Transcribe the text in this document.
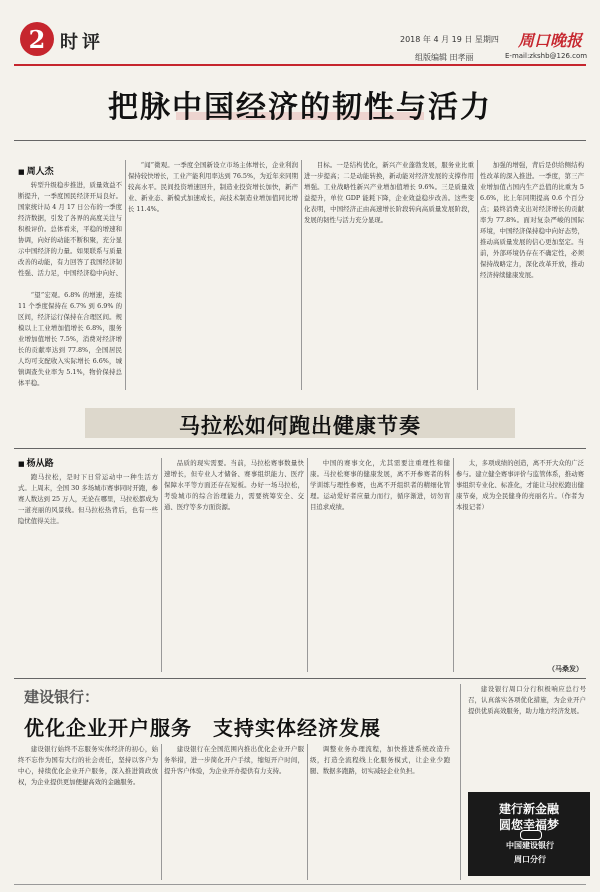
2 时评	2018 年 4 月 19 日 星期四 周口晚报
组版编辑 田孝丽	E-mail:zkshb@126.com
把脉中国经济的韧性与活力
■ 周人杰

转型升级稳步推进，质量效益不断提升，一季度国民经济开局良好。国家统计局 4 月 17 日公布的一季度经济数据，引发了各界的高度关注与积极评价。总体看来，平稳的增速和协调，向好的动能不断积聚，充分显示中国经济的力量。如果联系与质量改善的动能，有力回答了我国经济韧性强、活力足，中国经济稳中向好、

“望”宏观。6.8% 的增速，连续 11 个季度保持在 6.7% 到 6.9% 的区间，经济运行保持在合理区间。规模以上工业增加值增长 6.8%，服务业增加值增长 7.5%，消费对经济增长的贡献率达到 77.8%，全国居民人均可支配收入实际增长 6.6%，城镇调查失业率为 5.1%，物价保持总体平稳。

“闻”微观。一季度全国新设立市场主体增长，企业利润保持较快增长，工业产能利用率达到 76.5%，为近年来同期较高水平。民间投资增速回升，制造业投资增长加快，新产业、新业态、新模式加速成长，高技术制造业增加值同比增长 11.4%。

目标。一是结构优化，新兴产业蓬勃发展，服务业比重进一步提高；二是动能转换，新动能对经济发展的支撑作用增强。工业战略性新兴产业增加值增长 9.6%。三是质量效益提升，单位 GDP 能耗下降，企业效益稳步改善。这些变化表明，中国经济正由高速增长阶段转向高质量发展阶段，发展的韧性与活力充分显现。

加强的增强，背后是供给侧结构性改革的深入推进。一季度，第三产业增加值占国内生产总值的比重为 56.6%，比上年同期提高 0.6 个百分点；最终消费支出对经济增长的贡献率为 77.8%。面对复杂严峻的国际环境，中国经济保持稳中向好态势，推动高质量发展的信心更加坚定。当前，外部环境仍存在不确定性，必须保持战略定力，深化改革开放，推动经济持续健康发展。

马拉松如何跑出健康节奏
■ 杨从路

跑马拉松，是时下日常运动中一种生活方式。上周末，全国 30 多场城市赛事同时开跑，参赛人数达到 25 万人，无论在哪里，马拉松都成为一道亮丽的风景线。但马拉松热背后，也有一些隐忧值得关注。

品质的现实需要。当前，马拉松赛事数量快速增长，但专业人才储备、赛事组织能力、医疗保障水平等方面还存在短板。办好一场马拉松，考验城市的综合治理能力，需要统筹安全、交通、医疗等多方面资源。

中国的赛事文化，尤其需要注重理性和健康。马拉松赛事的健康发展，离不开参赛者的科学训练与理性参赛，也离不开组织者的精细化管理。运动爱好者应量力而行，循序渐进，切勿盲目追求成绩。

太，多项成绩的创造，离不开大众的广泛参与。建立健全赛事评价与监管体系，推动赛事组织专业化、标准化，才能让马拉松跑出健康节奏，成为全民健身的亮丽名片。（作者为本报记者）

（马桑发）
建设银行：
优化企业开户服务　支持实体经济发展

建设银行始终不忘服务实体经济的初心，始终不忘作为国有大行的社会责任，坚持以客户为中心，持续优化企业开户服务，深入推进简政放权，为企业提供更加便捷高效的金融服务。

建设银行在全国范围内推出优化企业开户服务举措，进一步简化开户手续，缩短开户时间，提升客户体验，为企业开办提供有力支持。

调整业务办理流程，加快推进系统改造升级，打造全流程线上化服务模式，让企业少跑腿、数据多跑路，切实减轻企业负担。

建设银行周口分行积极响应总行号召，认真落实各项优化措施，为企业开户提供优质高效服务，助力地方经济发展。

建行新金融
圆您幸福梦
中国建设银行
周口分行
